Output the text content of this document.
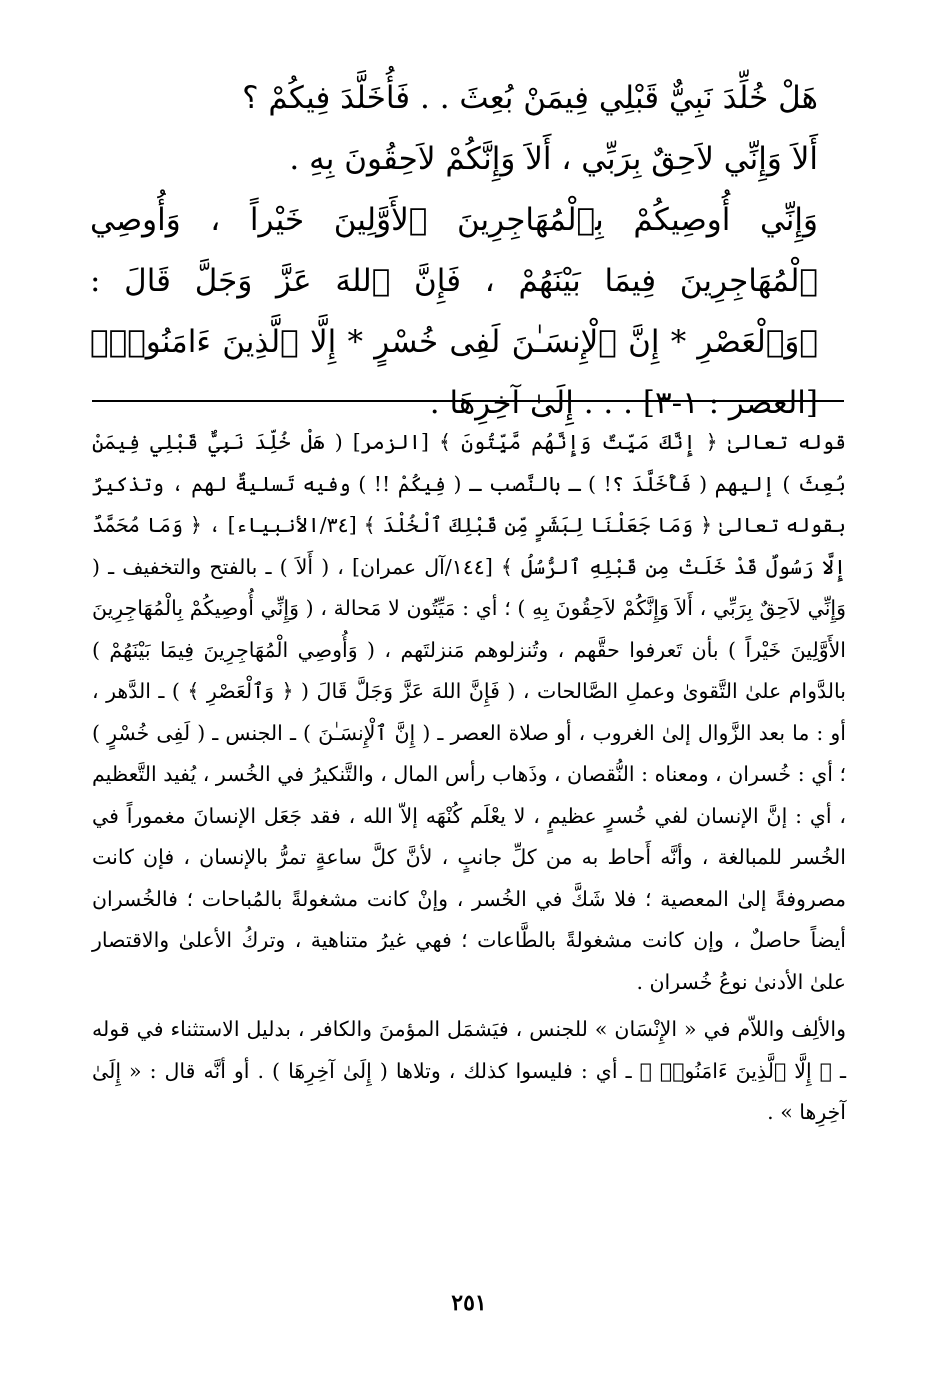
هَلْ خُلِّدَ نَبِيٌّ قَبْلِي فِيمَنْ بُعِثَ . . فَأُخَلَّدَ فِيكُمْ ؟

أَلاَ وَإِنِّي لاَحِقٌ بِرَبِّي ، أَلاَ وَإِنَّكُمْ لاَحِقُونَ بِهِ .

وَإِنِّي أُوصِيكُمْ بِٱلْمُهَاجِرِينَ ٱلأَوَّلِينَ خَيْراً ، وَأُوصِي ٱلْمُهَاجِرِينَ فِيمَا بَيْنَهُمْ ، فَإِنَّ ٱللهَ عَزَّ وَجَلَّ قَالَ : ﴿وَٱلْعَصْرِ * إِنَّ ٱلْإِنسَـٰنَ لَفِى خُسْرٍ * إِلَّا ٱلَّذِينَ ءَامَنُوا۟﴾ [العصر : ١-٣] . . . إِلَىٰ آخِرِهَا .

قوله تعالىٰ ﴿ إِنَّكَ مَيِّتٌ وَإِنَّهُم مَّيِّتُونَ ﴾ [الزمر] ( هَلْ خُلِّدَ نَبِيٌّ قَبْلِي فِيمَنْ بُعِثَ ) إليهم ( فَأُخَلَّدَ ؟! ) ـ بالنَّصب ـ ( فِيكُمْ !! ) وفيه تَسليةٌ لهم ، وتذكيرٌ بقوله تعالىٰ ﴿ وَمَا جَعَلْنَا لِبَشَرٍ مِّن قَبْلِكَ ٱلْخُلْدَ ﴾ [٣٤/الأنبياء] ، ﴿ وَمَا مُحَمَّدٌ إِلَّا رَسُولٌ قَدْ خَلَتْ مِن قَبْلِهِ ٱلرُّسُلُ ﴾ [١٤٤/آل عمران] ، ( أَلاَ ) ـ بالفتح والتخفيف ـ ( وَإِنِّي لاَحِقٌ بِرَبِّي ، أَلاَ وَإِنَّكُمْ لاَحِقُونَ بِهِ ) ؛ أي : مَيِّتُون لا مَحالة ، ( وَإِنِّي أُوصِيكُمْ بِالْمُهَاجِرِينَ الأَوَّلِينَ خَيْراً ) بأن تَعرفوا حقَّهم ، وتُنزلوهم مَنزلتَهم ، ( وَأُوصِي الْمُهَاجِرِينَ فِيمَا بَيْنَهُمْ ) بالدَّوام علىٰ التَّقوىٰ وعملِ الصَّالحات ، ( فَإِنَّ اللهَ عَزَّ وَجَلَّ قَالَ ( ﴿ وَٱلْعَصْرِ ﴾ ) ـ الدَّهر ، أو : ما بعد الزَّوال إلىٰ الغروب ، أو صلاة العصر ـ ( إِنَّ ٱلْإِنسَـٰنَ ) ـ الجنس ـ ( لَفِى خُسْرٍ ) ؛ أي : خُسران ، ومعناه : النُّقصان ، وذَهاب رأس المال ، والتَّنكيرُ في الخُسر ، يُفيد التَّعظيم ، أي : إنَّ الإنسان لفي خُسرٍ عظيمٍ ، لا يعْلَم كُنْهَه إلاّ الله ، فقد جَعَل الإنسانَ مغموراً في الخُسر للمبالغة ، وأنَّه أَحاط به من كلِّ جانبٍ ، لأنَّ كلَّ ساعةٍ تمرُّ بالإنسان ، فإن كانت مصروفةً إلىٰ المعصية ؛ فلا شَكَّ في الخُسر ، وإنْ كانت مشغولةً بالمُباحات ؛ فالخُسران أيضاً حاصلٌ ، وإن كانت مشغولةً بالطَّاعات ؛ فهي غيرُ متناهية ، وتركُ الأعلىٰ والاقتصار علىٰ الأدنىٰ نوعُ خُسران .

والألِف واللاّم في « الإِنْسَان » للجنس ، فيَشمَل المؤمنَ والكافر ، بدليل الاستثناء في قوله ـ ﴿ إِلَّا ٱلَّذِينَ ءَامَنُوا۟ ﴾ ـ أي : فليسوا كذلك ، وتلاها ( إِلَىٰ آخِرِهَا ) . أو أنَّه قال : « إِلَىٰ آخِرِها » .

٢٥١
